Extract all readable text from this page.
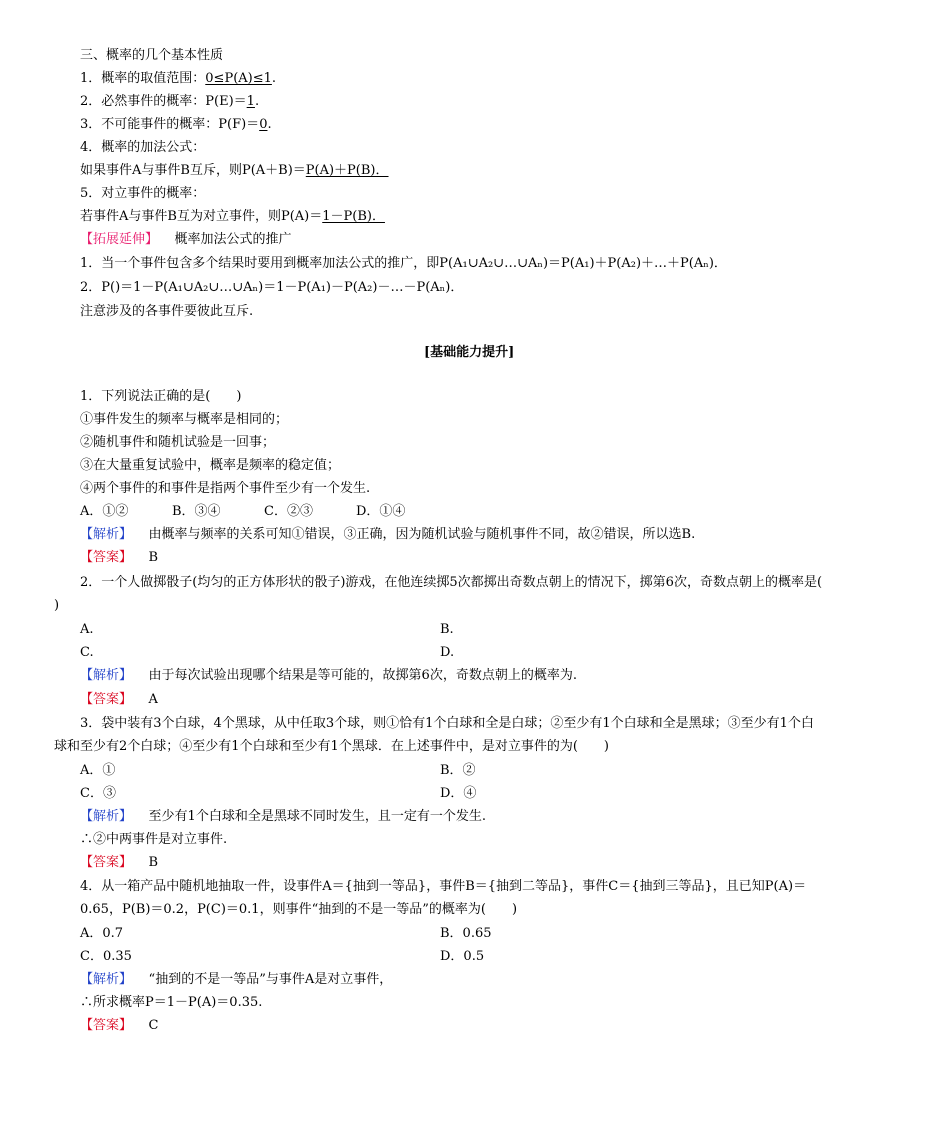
三、概率的几个基本性质
1．概率的取值范围：0≤P(A)≤1.
2．必然事件的概率：P(E)＝1.
3．不可能事件的概率：P(F)＝0.
4．概率的加法公式：
如果事件A与事件B互斥，则P(A＋B)＝P(A)＋P(B)．
5．对立事件的概率：
若事件A与事件B互为对立事件，则P(A)＝1－P(B)．
【拓展延伸】 概率加法公式的推广
1．当一个事件包含多个结果时要用到概率加法公式的推广，即P(A₁∪A₂∪…∪Aₙ)＝P(A₁)＋P(A₂)＋…＋P(Aₙ)．
2．P()＝1－P(A₁∪A₂∪…∪Aₙ)＝1－P(A₁)－P(A₂)－…－P(Aₙ)．
注意涉及的各事件要彼此互斥.
[基础能力提升]
1．下列说法正确的是(　　)
①事件发生的频率与概率是相同的；
②随机事件和随机试验是一回事；
③在大量重复试验中，概率是频率的稳定值；
④两个事件的和事件是指两个事件至少有一个发生.
A．①②	B．③④	C．②③	D．①④
【解析】 由概率与频率的关系可知①错误，③正确，因为随机试验与随机事件不同，故②错误，所以选B.
【答案】 B
2．一个人做掷骰子(均匀的正方体形状的骰子)游戏，在他连续掷5次都掷出奇数点朝上的情况下，掷第6次，奇数点朝上的概率是(
)
A.	B.
C.	D.
【解析】 由于每次试验出现哪个结果是等可能的，故掷第6次，奇数点朝上的概率为.
【答案】 A
3．袋中装有3个白球，4个黑球，从中任取3个球，则①恰有1个白球和全是白球；②至少有1个白球和全是黑球；③至少有1个白
球和至少有2个白球；④至少有1个白球和至少有1个黑球．在上述事件中，是对立事件的为(　　)
A．①	B．②
C．③	D．④
【解析】 至少有1个白球和全是黑球不同时发生，且一定有一个发生.
∴②中两事件是对立事件.
【答案】 B
4．从一箱产品中随机地抽取一件，设事件A＝{抽到一等品}，事件B＝{抽到二等品}，事件C＝{抽到三等品}，且已知P(A)＝
0.65，P(B)＝0.2，P(C)＝0.1，则事件“抽到的不是一等品”的概率为(　　)
A．0.7	B．0.65
C．0.35	D．0.5
【解析】 “抽到的不是一等品”与事件A是对立事件，
∴所求概率P＝1－P(A)＝0.35.
【答案】 C
